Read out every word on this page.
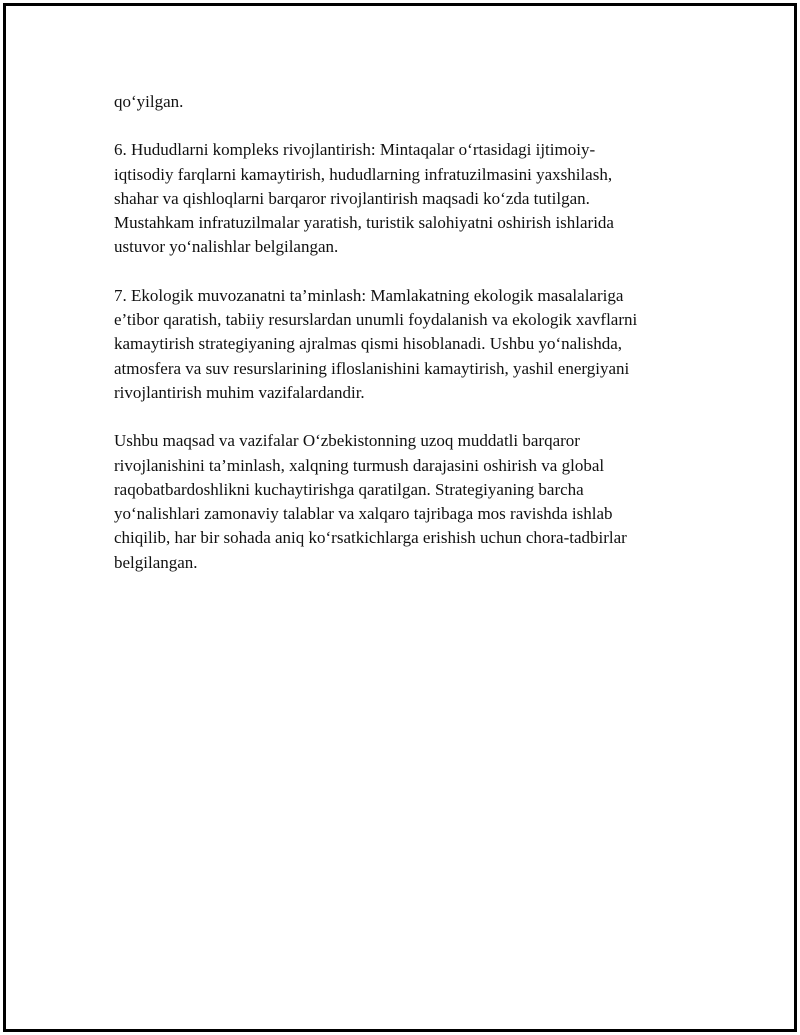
qo‘yilgan.

6. Hududlarni kompleks rivojlantirish: Mintaqalar o‘rtasidagi ijtimoiy-
iqtisodiy farqlarni kamaytirish, hududlarning infratuzilmasini yaxshilash,
shahar va qishloqlarni barqaror rivojlantirish maqsadi ko‘zda tutilgan.
Mustahkam infratuzilmalar yaratish, turistik salohiyatni oshirish ishlarida
ustuvor yo‘nalishlar belgilangan.

7. Ekologik muvozanatni ta’minlash: Mamlakatning ekologik masalalariga
e’tibor qaratish, tabiiy resurslardan unumli foydalanish va ekologik xavflarni
kamaytirish strategiyaning ajralmas qismi hisoblanadi. Ushbu yo‘nalishda,
atmosfera va suv resurslarining ifloslanishini kamaytirish, yashil energiyani
rivojlantirish muhim vazifalardandir.

Ushbu maqsad va vazifalar O‘zbekistonning uzoq muddatli barqaror
rivojlanishini ta’minlash, xalqning turmush darajasini oshirish va global
raqobatbardoshlikni kuchaytirishga qaratilgan. Strategiyaning barcha
yo‘nalishlari zamonaviy talablar va xalqaro tajribaga mos ravishda ishlab
chiqilib, har bir sohada aniq ko‘rsatkichlarga erishish uchun chora-tadbirlar
belgilangan.
